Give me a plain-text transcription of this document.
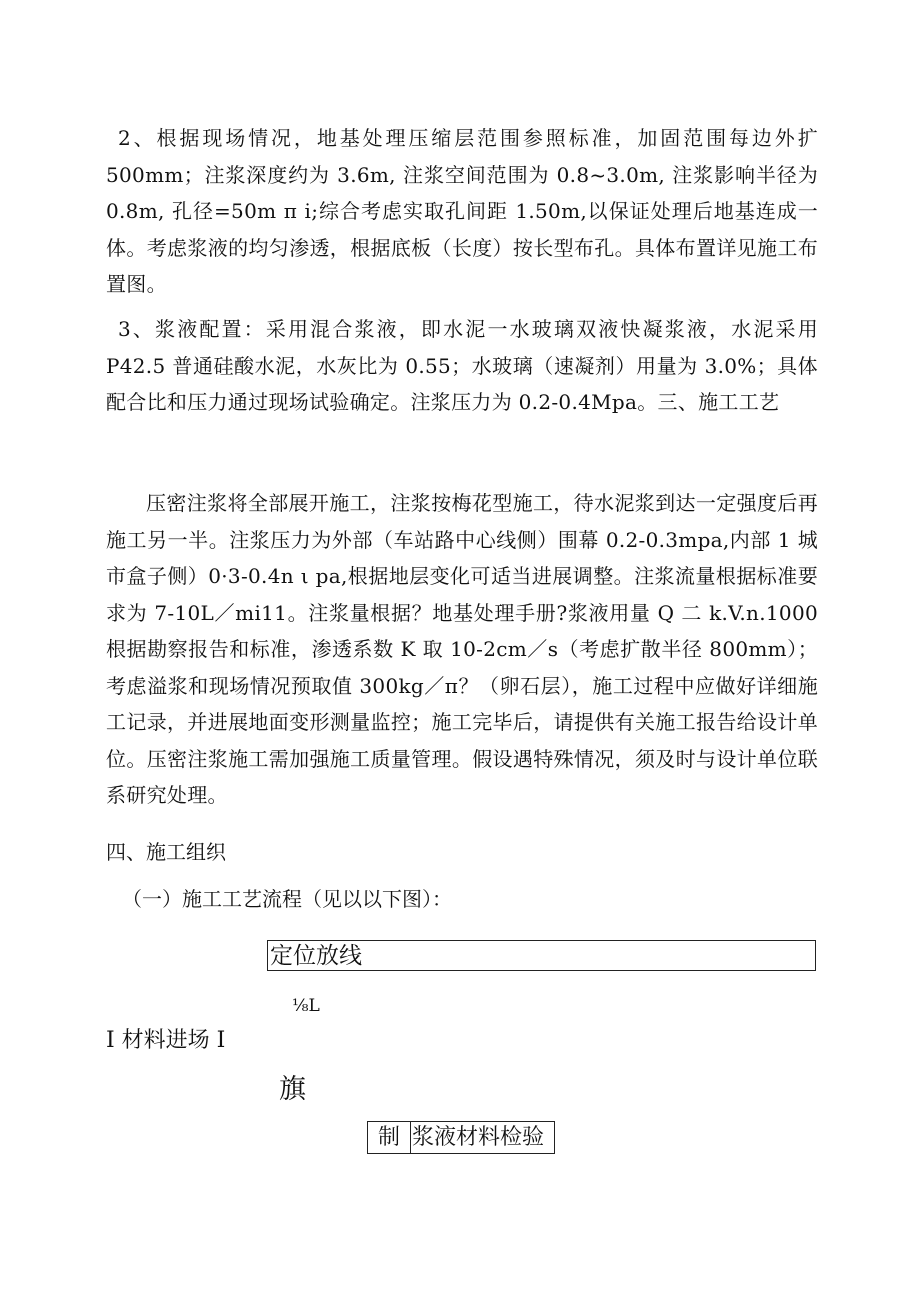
2、根据现场情况，地基处理压缩层范围参照标准，加固范围每边外扩 500mm；注浆深度约为 3.6m, 注浆空间范围为 0.8~3.0m, 注浆影响半径为 0.8m, 孔径=50m π i;综合考虑实取孔间距 1.50m,以保证处理后地基连成一体。考虑浆液的均匀渗透，根据底板（长度）按长型布孔。具体布置详见施工布置图。

3、浆液配置：采用混合浆液，即水泥一水玻璃双液快凝浆液，水泥采用 P42.5 普通硅酸水泥，水灰比为 0.55；水玻璃（速凝剂）用量为 3.0%；具体配合比和压力通过现场试验确定。注浆压力为 0.2-0.4Mpa。三、施工工艺

压密注浆将全部展开施工，注浆按梅花型施工，待水泥浆到达一定强度后再施工另一半。注浆压力为外部（车站路中心线侧）围幕 0.2-0.3mpa,内部 1 城市盒子侧）0·3-0.4n ι pa,根据地层变化可适当进展调整。注浆流量根据标准要求为 7-10L／mi11。注浆量根据？地基处理手册?浆液用量 Q 二 k.V.n.1000 根据勘察报告和标准，渗透系数 K 取 10-2cm／s（考虑扩散半径 800mm）；考虑溢浆和现场情况预取值 300kg／π？（卵石层），施工过程中应做好详细施工记录，并进展地面变形测量监控；施工完毕后，请提供有关施工报告给设计单位。压密注浆施工需加强施工质量管理。假设遇特殊情况，须及时与设计单位联系研究处理。

四、施工组织
（一）施工工艺流程（见以以下图）：
定位放线
⅛L
I 材料进场 I
旗
制 浆液材料检验
